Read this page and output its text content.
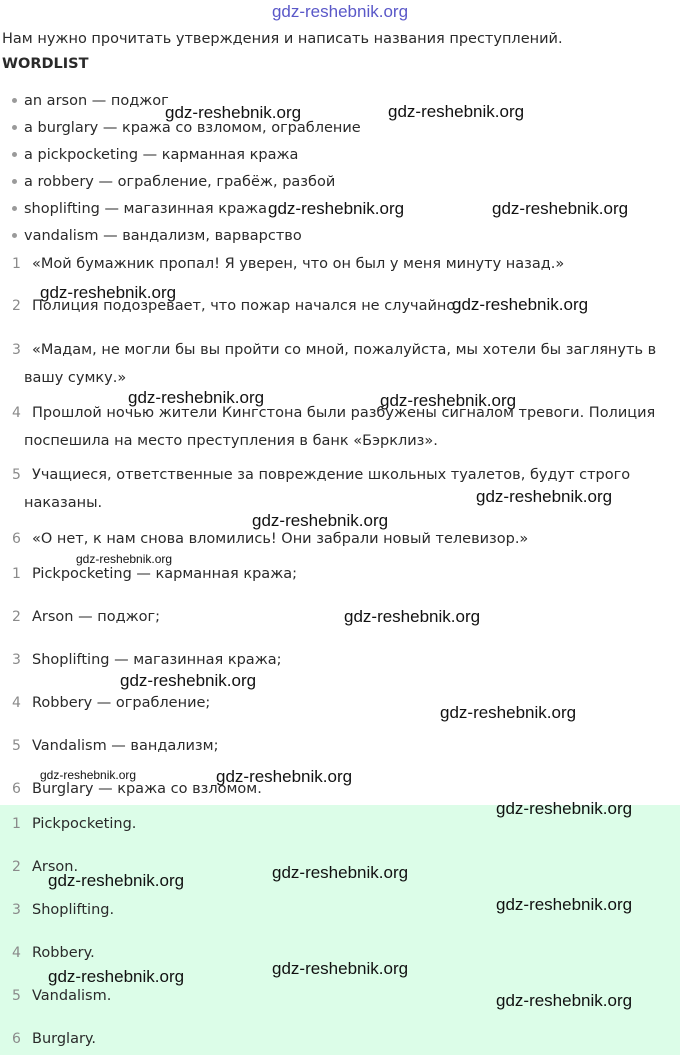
gdz-reshebnik.org
Нам нужно прочитать утверждения и написать названия преступлений.
WORDLIST
an arson — поджог
a burglary — кража со взломом, ограбление
a pickpocketing — карманная кража
a robbery — ограбление, грабёж, разбой
shoplifting — магазинная кража
vandalism — вандализм, варварство
1 «Мой бумажник пропал! Я уверен, что он был у меня минуту назад.»
2 Полиция подозревает, что пожар начался не случайно.
3 «Мадам, не могли бы вы пройти со мной, пожалуйста, мы хотели бы заглянуть в
вашу сумку.»
4 Прошлой ночью жители Кингстона были разбужены сигналом тревоги. Полиция
поспешила на место преступления в банк «Бэрклиз».
5 Учащиеся, ответственные за повреждение школьных туалетов, будут строго
наказаны.
6 «О нет, к нам снова вломились! Они забрали новый телевизор.»
1 Pickpocketing — карманная кража;
2 Arson — поджог;
3 Shoplifting — магазинная кража;
4 Robbery — ограбление;
5 Vandalism — вандализм;
6 Burglary — кража со взломом.
1 Pickpocketing.
2 Arson.
3 Shoplifting.
4 Robbery.
5 Vandalism.
6 Burglary.
gdz-reshebnik.org	gdz-reshebnik.org
gdz-reshebnik.org	gdz-reshebnik.org
gdz-reshebnik.org
gdz-reshebnik.org
gdz-reshebnik.org	gdz-reshebnik.org
gdz-reshebnik.org
gdz-reshebnik.org
gdz-reshebnik.org
gdz-reshebnik.org
gdz-reshebnik.org
gdz-reshebnik.org
gdz-reshebnik.org	gdz-reshebnik.org
gdz-reshebnik.org
gdz-reshebnik.org
gdz-reshebnik.org
gdz-reshebnik.org
gdz-reshebnik.org
gdz-reshebnik.org
gdz-reshebnik.org
